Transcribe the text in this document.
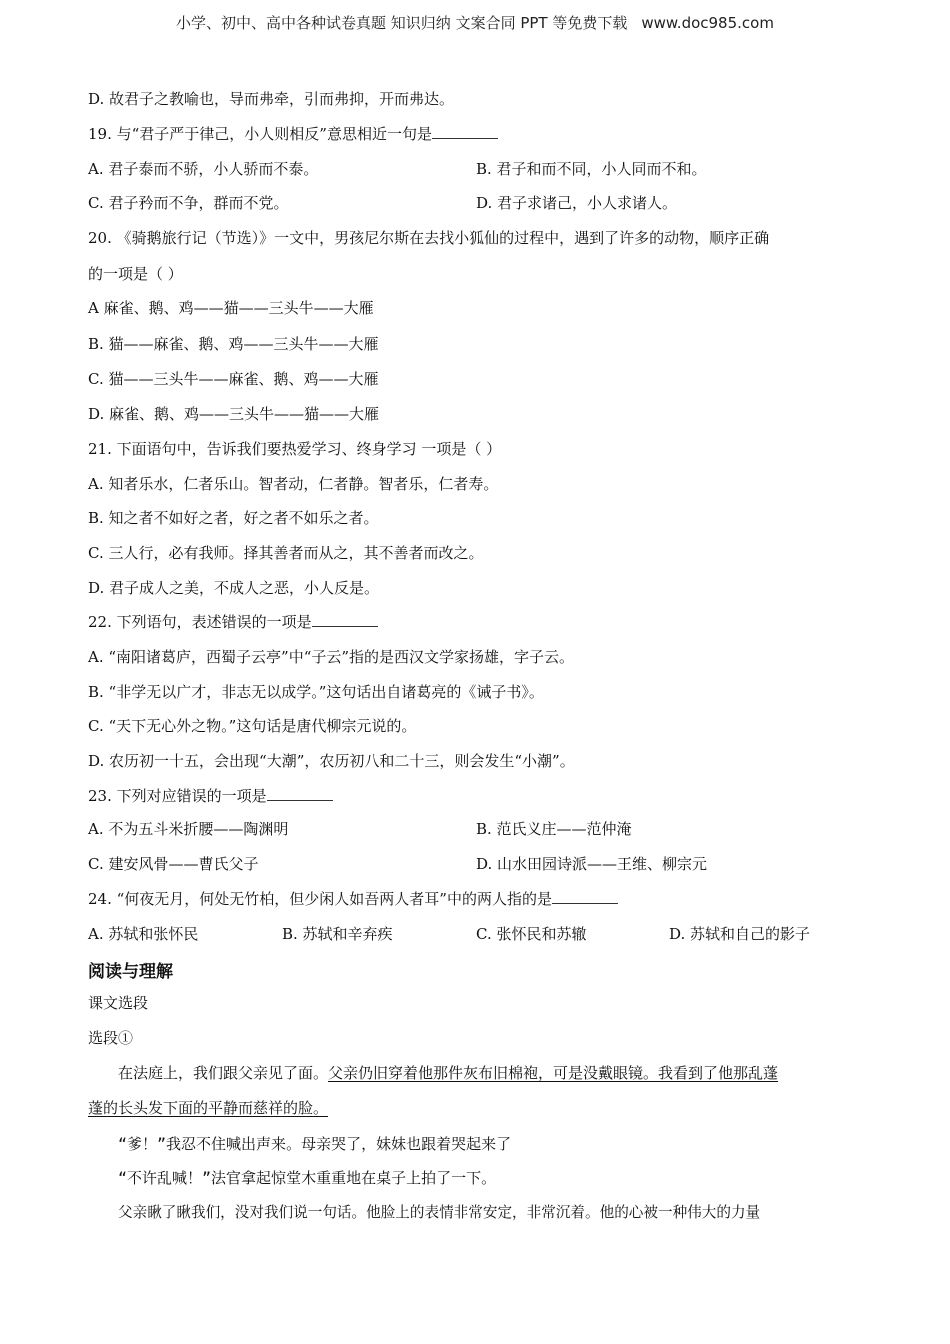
小学、初中、高中各种试卷真题 知识归纳 文案合同 PPT 等免费下载 www.doc985.com
D. 故君子之教喻也，导而弗牵，引而弗抑，开而弗达。
19. 与“君子严于律己，小人则相反”意思相近一句是
A. 君子泰而不骄，小人骄而不泰。	B. 君子和而不同，小人同而不和。
C. 君子矜而不争，群而不党。	D. 君子求诸己，小人求诸人。
20. 《骑鹅旅行记（节选）》一文中，男孩尼尔斯在去找小狐仙的过程中，遇到了许多的动物，顺序正确
的一项是（ ）
A 麻雀、鹅、鸡——猫——三头牛——大雁
B. 猫——麻雀、鹅、鸡——三头牛——大雁
C. 猫——三头牛——麻雀、鹅、鸡——大雁
D. 麻雀、鹅、鸡——三头牛——猫——大雁
21. 下面语句中，告诉我们要热爱学习、终身学习 一项是（ ）
A. 知者乐水，仁者乐山。智者动，仁者静。智者乐，仁者寿。
B. 知之者不如好之者，好之者不如乐之者。
C. 三人行，必有我师。择其善者而从之，其不善者而改之。
D. 君子成人之美，不成人之恶，小人反是。
22. 下列语句，表述错误的一项是
A. “南阳诸葛庐，西蜀子云亭”中“子云”指的是西汉文学家扬雄，字子云。
B. “非学无以广才，非志无以成学。”这句话出自诸葛亮的《诫子书》。
C. “天下无心外之物。”这句话是唐代柳宗元说的。
D. 农历初一十五，会出现“大潮”，农历初八和二十三，则会发生“小潮”。
23. 下列对应错误的一项是
A. 不为五斗米折腰——陶渊明	B. 范氏义庄——范仲淹
C. 建安风骨——曹氏父子	D. 山水田园诗派——王维、柳宗元
24. “何夜无月，何处无竹柏，但少闲人如吾两人者耳”中的两人指的是
A. 苏轼和张怀民	B. 苏轼和辛弃疾	C. 张怀民和苏辙	D. 苏轼和自己的影子
阅读与理解
课文选段
选段①
在法庭上，我们跟父亲见了面。父亲仍旧穿着他那件灰布旧棉袍，可是没戴眼镜。我看到了他那乱蓬
蓬的长头发下面的平静而慈祥的脸。
“爹！”我忍不住喊出声来。母亲哭了，妹妹也跟着哭起来了
“不许乱喊！”法官拿起惊堂木重重地在桌子上拍了一下。
父亲瞅了瞅我们，没对我们说一句话。他脸上的表情非常安定，非常沉着。他的心被一种伟大的力量
